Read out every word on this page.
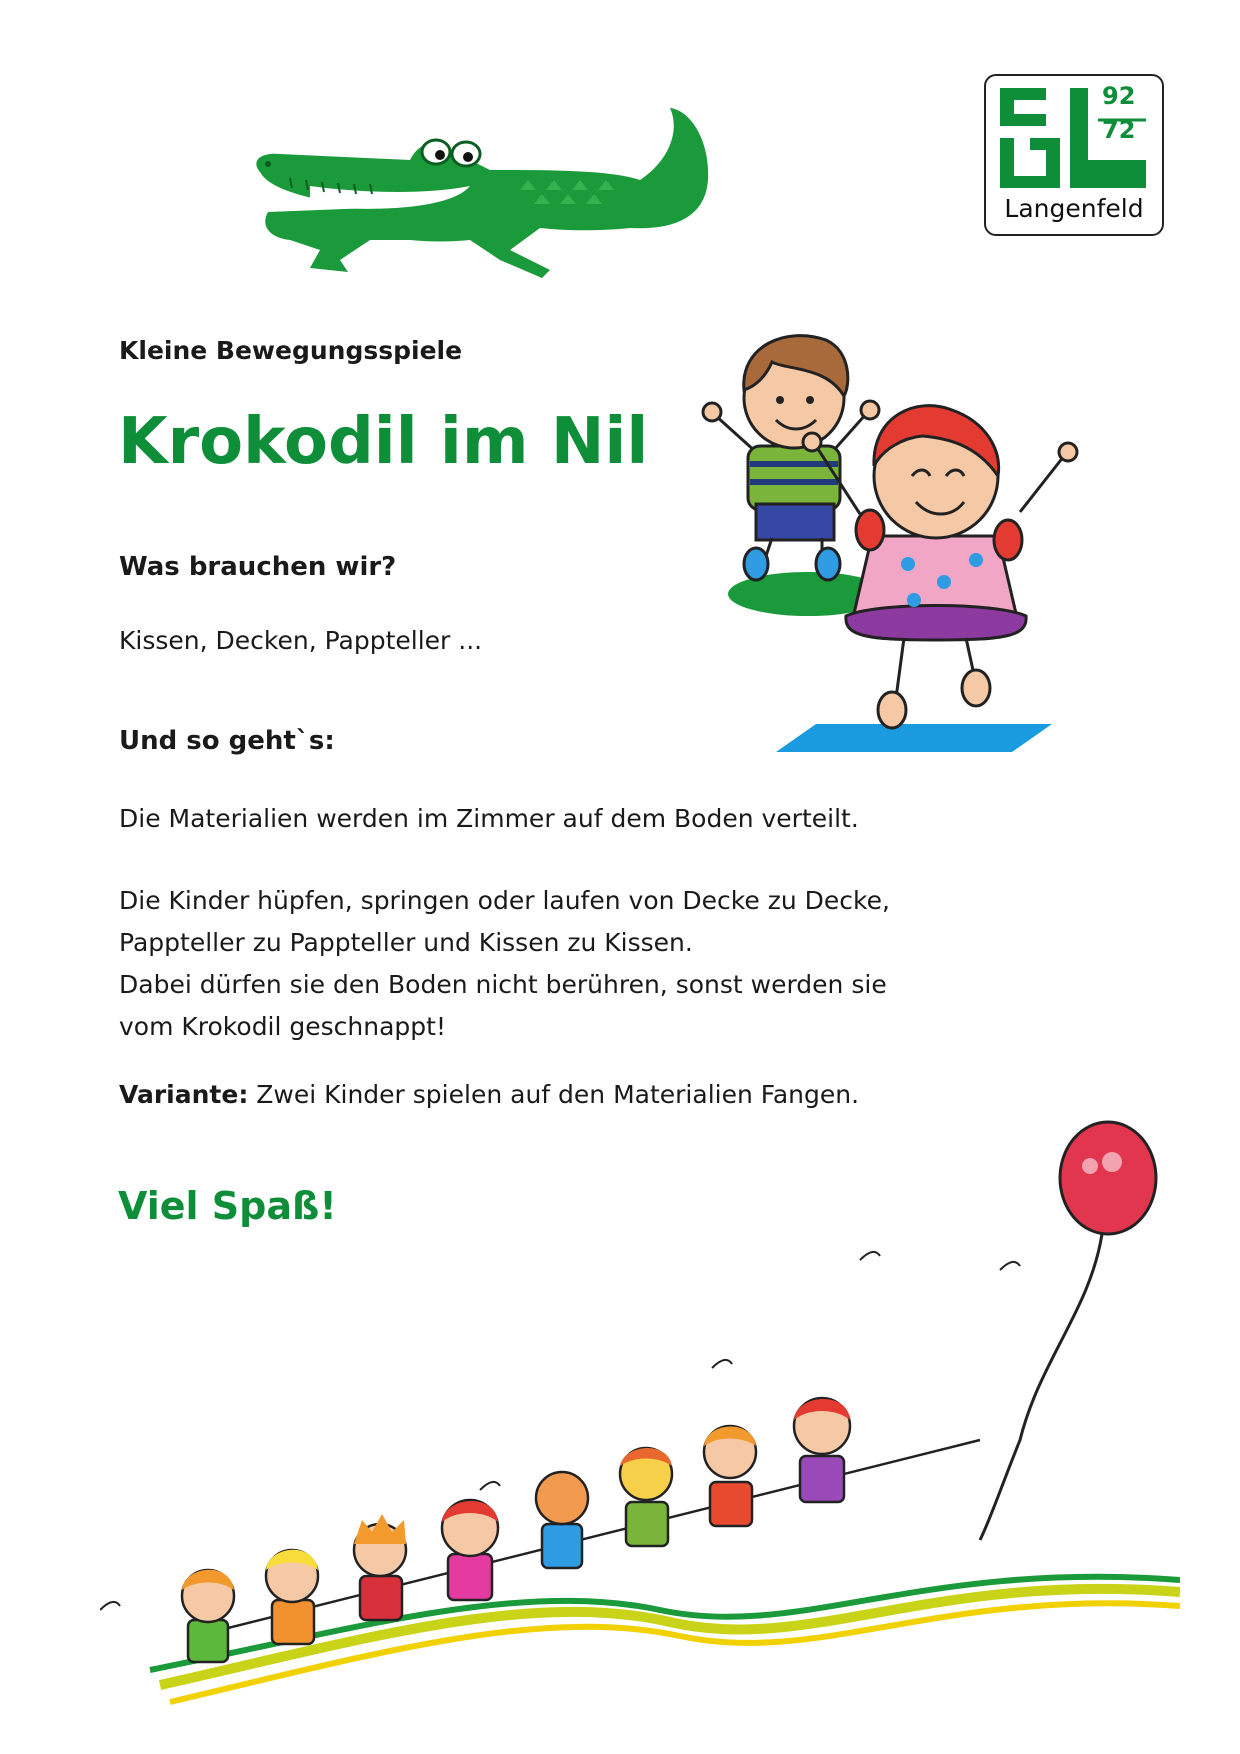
92
72
Langenfeld
Kleine Bewegungsspiele
Krokodil im Nil
Was brauchen wir?
Kissen, Decken, Pappteller ...
Und so geht`s:
Die Materialien werden im Zimmer auf dem Boden verteilt.
Die Kinder hüpfen, springen oder laufen von Decke zu Decke,
Pappteller zu Pappteller und Kissen zu Kissen.
Dabei dürfen sie den Boden nicht berühren, sonst werden sie
vom Krokodil geschnappt!
Variante: Zwei Kinder spielen auf den Materialien Fangen.
Viel Spaß!
